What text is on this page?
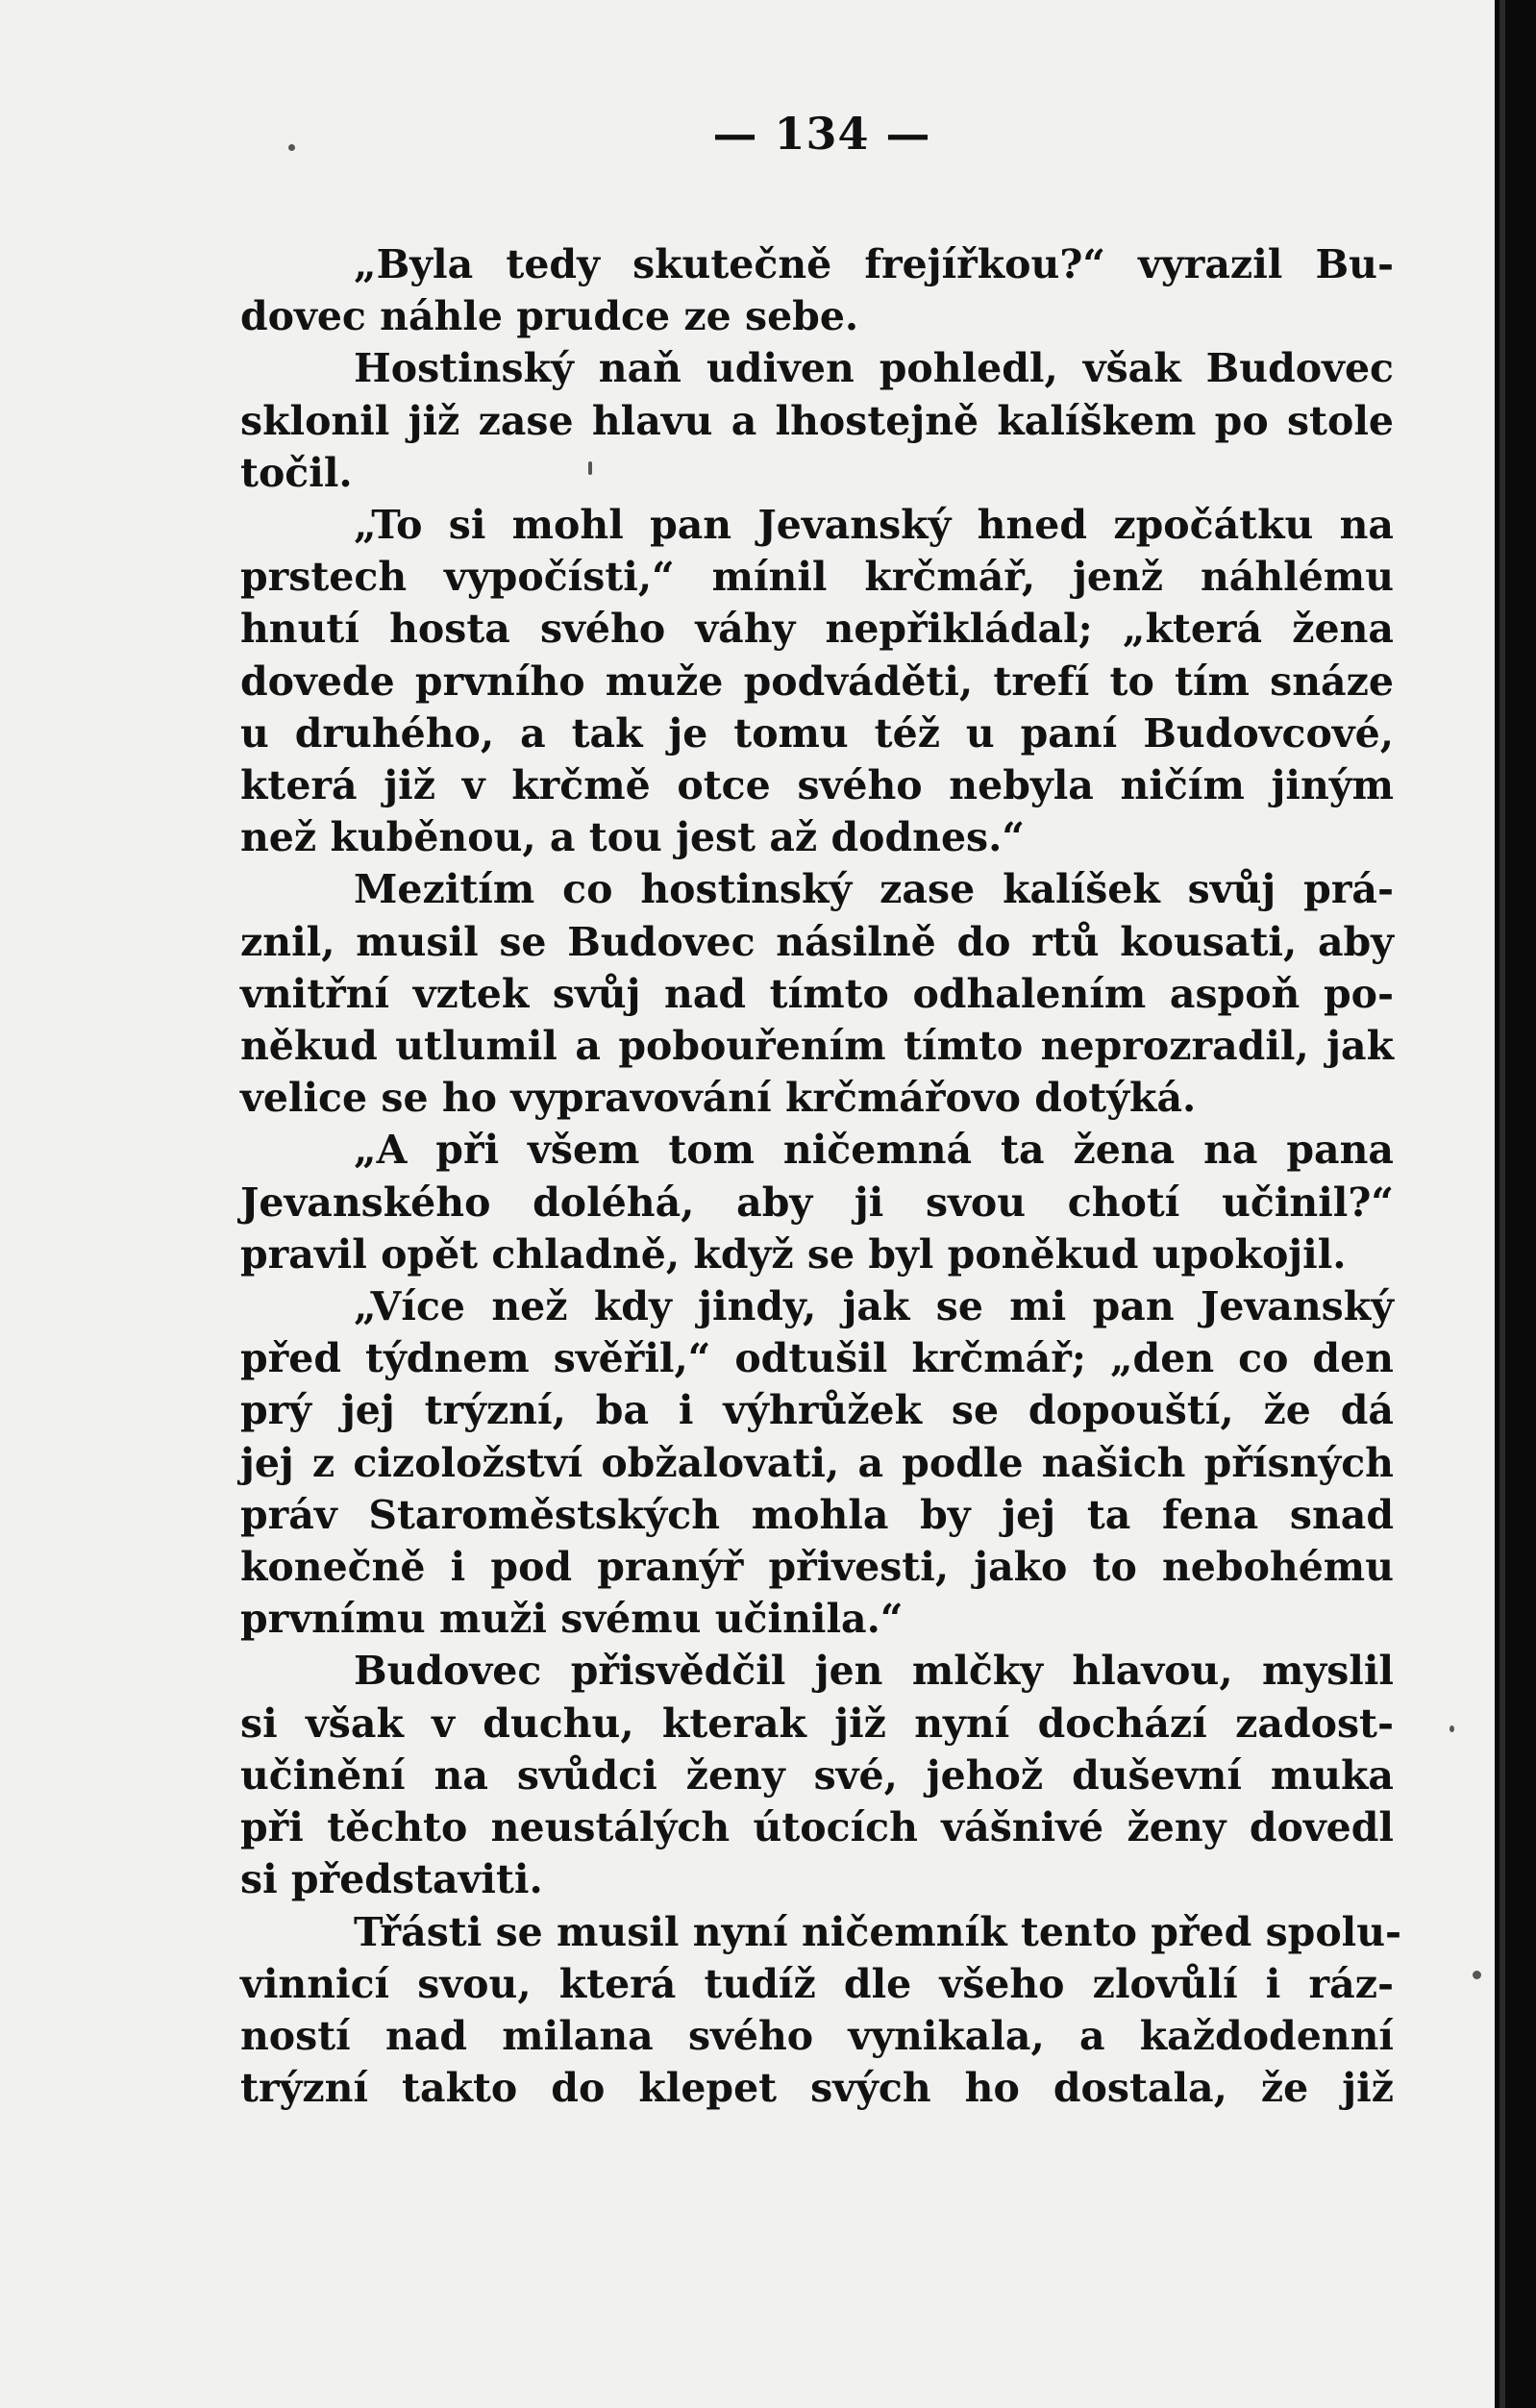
— 134 —
„Byla tedy skutečně frejířkou?“ vyrazil Bu-
dovec náhle prudce ze sebe.
Hostinský naň udiven pohledl, však Budovec
sklonil již zase hlavu a lhostejně kalíškem po stole
točil.
„To si mohl pan Jevanský hned zpočátku na
prstech vypočísti,“ mínil krčmář, jenž náhlému
hnutí hosta svého váhy nepřikládal; „která žena
dovede prvního muže podváděti, trefí to tím snáze
u druhého, a tak je tomu též u paní Budovcové,
která již v krčmě otce svého nebyla ničím jiným
než kuběnou, a tou jest až dodnes.“
Mezitím co hostinský zase kalíšek svůj prá-
znil, musil se Budovec násilně do rtů kousati, aby
vnitřní vztek svůj nad tímto odhalením aspoň po-
někud utlumil a pobouřením tímto neprozradil, jak
velice se ho vypravování krčmářovo dotýká.
„A při všem tom ničemná ta žena na pana
Jevanského doléhá, aby ji svou chotí učinil?“
pravil opět chladně, když se byl poněkud upokojil.
„Více než kdy jindy, jak se mi pan Jevanský
před týdnem svěřil,“ odtušil krčmář; „den co den
prý jej trýzní, ba i výhrůžek se dopouští, že dá
jej z cizoložství obžalovati, a podle našich přísných
práv Staroměstských mohla by jej ta fena snad
konečně i pod pranýř přivesti, jako to nebohému
prvnímu muži svému učinila.“
Budovec přisvědčil jen mlčky hlavou, myslil
si však v duchu, kterak již nyní dochází zadost-
učinění na svůdci ženy své, jehož duševní muka
při těchto neustálých útocích vášnivé ženy dovedl
si představiti.
Třásti se musil nyní ničemník tento před spolu-
vinnicí svou, která tudíž dle všeho zlovůlí i ráz-
ností nad milana svého vynikala, a každodenní
trýzní takto do klepet svých ho dostala, že již
